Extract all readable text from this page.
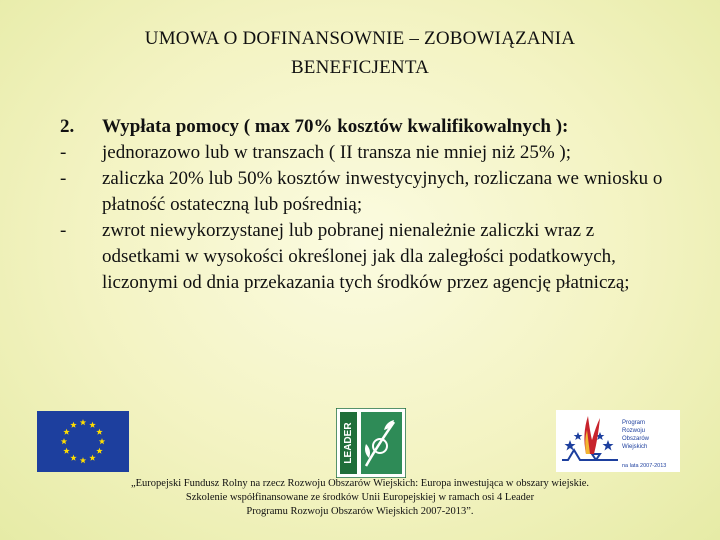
UMOWA O DOFINANSOWNIE – ZOBOWIĄZANIA
BENEFICJENTA
2.	Wypłata pomocy ( max 70% kosztów kwalifikowalnych ):
-	jednorazowo lub w transzach ( II transza nie mniej niż 25% );
-	zaliczka 20% lub 50% kosztów inwestycyjnych, rozliczana we wniosku o płatność ostateczną lub pośrednią;
-	zwrot niewykorzystanej lub pobranej nienależnie zaliczki wraz z odsetkami w wysokości określonej jak dla zaległości podatkowych, liczonymi od dnia przekazania tych środków przez agencję płatniczą;
LEADER	Program
Rozwoju
Obszarów
Wiejskich
na lata 2007-2013
„Europejski Fundusz Rolny na rzecz Rozwoju Obszarów Wiejskich: Europa inwestująca w obszary wiejskie.
Szkolenie współfinansowane ze środków Unii Europejskiej w ramach osi 4 Leader
Programu Rozwoju Obszarów Wiejskich 2007-2013”.
